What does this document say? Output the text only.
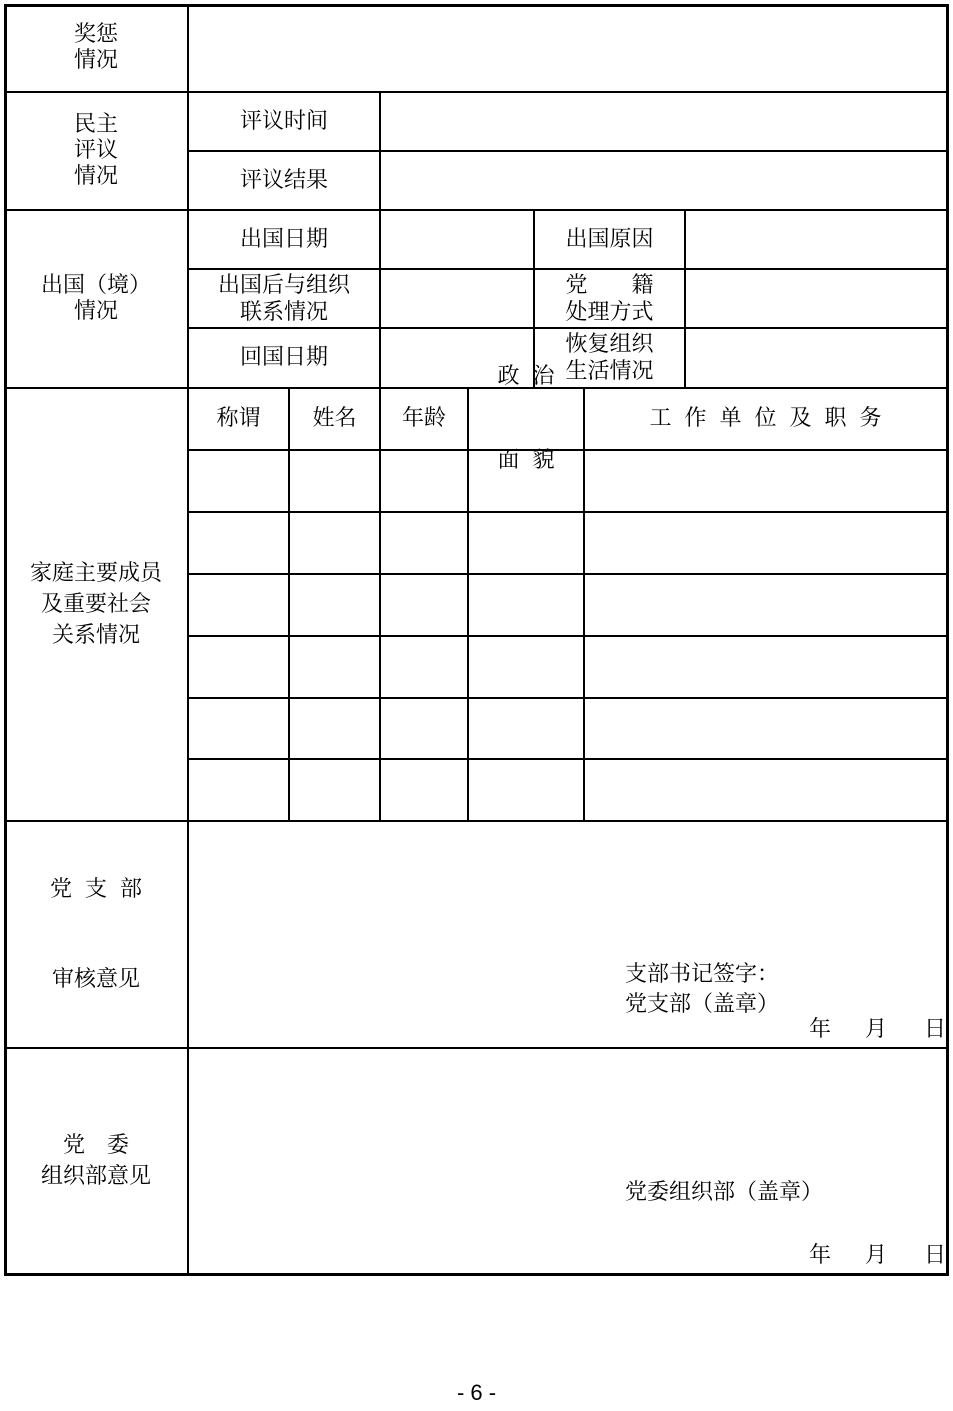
奖惩
情况
民主
评议
情况
评议时间
评议结果
出国（境）
情况
出国日期	出国原因
出国后与组织
联系情况
党　　籍
处理方式
回国日期
恢复组织
生活情况
家庭主要成员
及重要社会
关系情况
称谓 姓名 年龄

政 治

面 貌

工 作 单 位 及 职 务

党 支 部

审核意见

	支部书记签字：
党支部（盖章）
年 月 日
党　委
组织部意见
党委组织部（盖章）
年 月 日
- 6 -
